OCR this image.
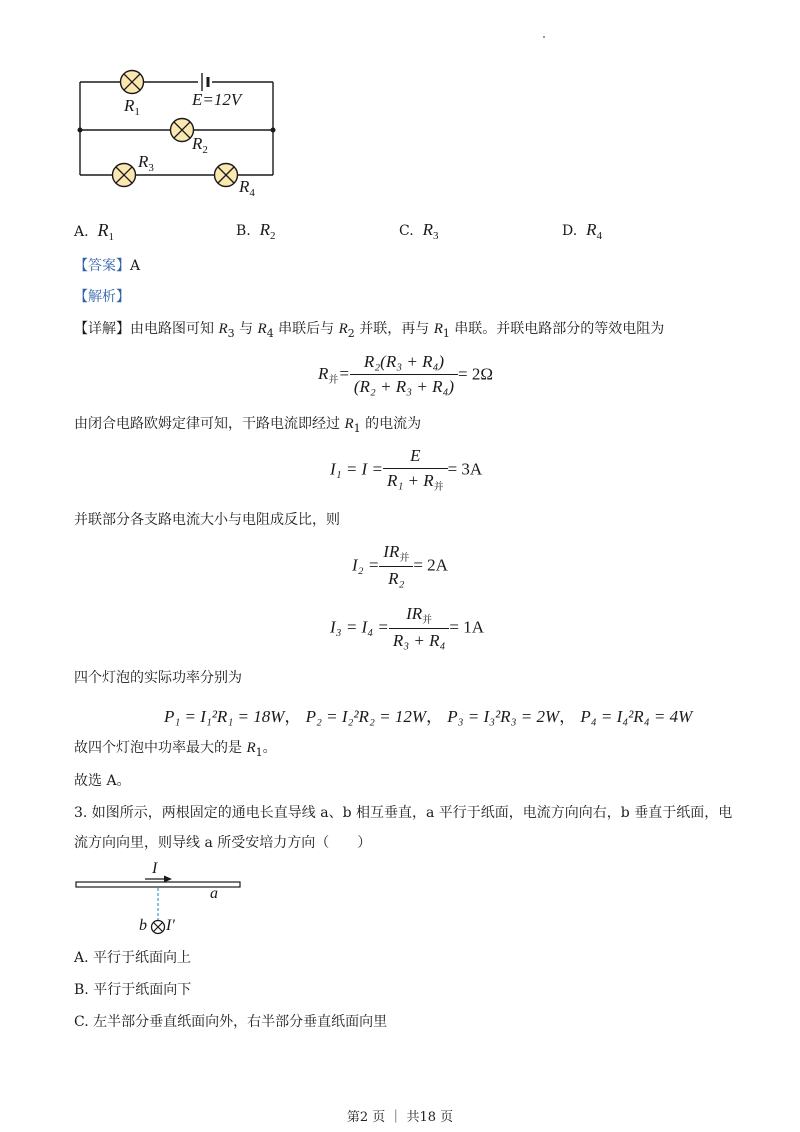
$R_1$
E=12V
$R_2$
$R_3$
$R_4$
A. $R_1$	B. $R_2$	C. $R_3$	D. $R_4$
【答案】A
【解析】
【详解】由电路图可知 $R_3$ 与 $R_4$ 串联后与 $R_2$ 并联，再与 $R_1$ 串联。并联电路部分的等效电阻为
$R_并= \frac{\text{R₂(R₃ + R₄)}}{\text{(R₂ + R₃ + R₄)}} = 2\Omega$
由闭合电路欧姆定律可知，干路电流即经过 $R_1$ 的电流为
$I_1 = I = \frac{E}{R_1 + R_并} = 3A$
并联部分各支路电流大小与电阻成反比，则
$I_2 = \frac{IR_并}{\text{R₂}} = 2A$
$I_3 = I_4 = \frac{IR_并}{\text{R₃ + R₄}} = 1A$
四个灯泡的实际功率分别为
P₁ = I₁²R₁ = 18W， P₂ = I₂²R₂ = 12W， P₃ = I₃²R₃ = 2W， P₄ = I₄²R₄ = 4W
故四个灯泡中功率最大的是 $R_1$。
故选 A。
3. 如图所示，两根固定的通电长直导线 a、b 相互垂直，a 平行于纸面，电流方向向右，b 垂直于纸面，电
流方向向里，则导线 a 所受安培力方向（　　）
I
a
b I′
A. 平行于纸面向上
B. 平行于纸面向下
C. 左半部分垂直纸面向外，右半部分垂直纸面向里
第2 页 ｜ 共18 页
